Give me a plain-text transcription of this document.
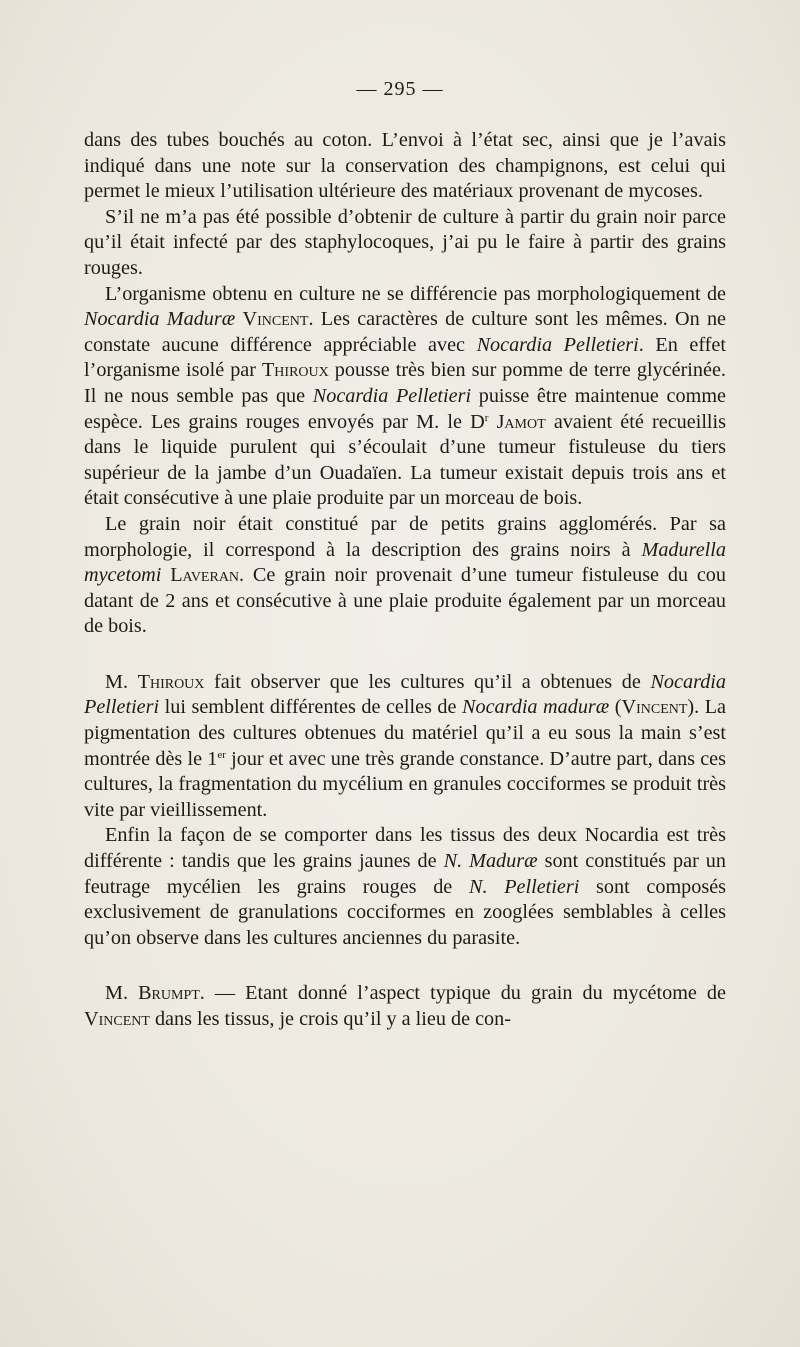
— 295 —

dans des tubes bouchés au coton. L’envoi à l’état sec, ainsi que je l’avais indiqué dans une note sur la conservation des champignons, est celui qui permet le mieux l’utilisation ultérieure des matériaux provenant de mycoses.

S’il ne m’a pas été possible d’obtenir de culture à partir du grain noir parce qu’il était infecté par des staphylocoques, j’ai pu le faire à partir des grains rouges.

L’organisme obtenu en culture ne se différencie pas morphologiquement de Nocardia Maduræ Vincent. Les caractères de culture sont les mêmes. On ne constate aucune différence appréciable avec Nocardia Pelletieri. En effet l’organisme isolé par Thiroux pousse très bien sur pomme de terre glycérinée. Il ne nous semble pas que Nocardia Pelletieri puisse être maintenue comme espèce. Les grains rouges envoyés par M. le $D^r$ Jamot avaient été recueillis dans le liquide purulent qui s’écoulait d’une tumeur fistuleuse du tiers supérieur de la jambe d’un Ouadaïen. La tumeur existait depuis trois ans et était consécutive à une plaie produite par un morceau de bois.

Le grain noir était constitué par de petits grains agglomérés. Par sa morphologie, il correspond à la description des grains noirs à Madurella mycetomi Laveran. Ce grain noir provenait d’une tumeur fistuleuse du cou datant de 2 ans et consécutive à une plaie produite également par un morceau de bois.

M. Thiroux fait observer que les cultures qu’il a obtenues de Nocardia Pelletieri lui semblent différentes de celles de Nocardia maduræ (Vincent). La pigmentation des cultures obtenues du matériel qu’il a eu sous la main s’est montrée dès le 1er jour et avec une très grande constance. D’autre part, dans ces cultures, la fragmentation du mycélium en granules cocciformes se produit très vite par vieillissement.

Enfin la façon de se comporter dans les tissus des deux Nocardia est très différente : tandis que les grains jaunes de N. Maduræ sont constitués par un feutrage mycélien les grains rouges de N. Pelletieri sont composés exclusivement de granulations cocciformes en zooglées semblables à celles qu’on observe dans les cultures anciennes du parasite.

M. Brumpt. — Etant donné l’aspect typique du grain du mycétome de Vincent dans les tissus, je crois qu’il y a lieu de con-
